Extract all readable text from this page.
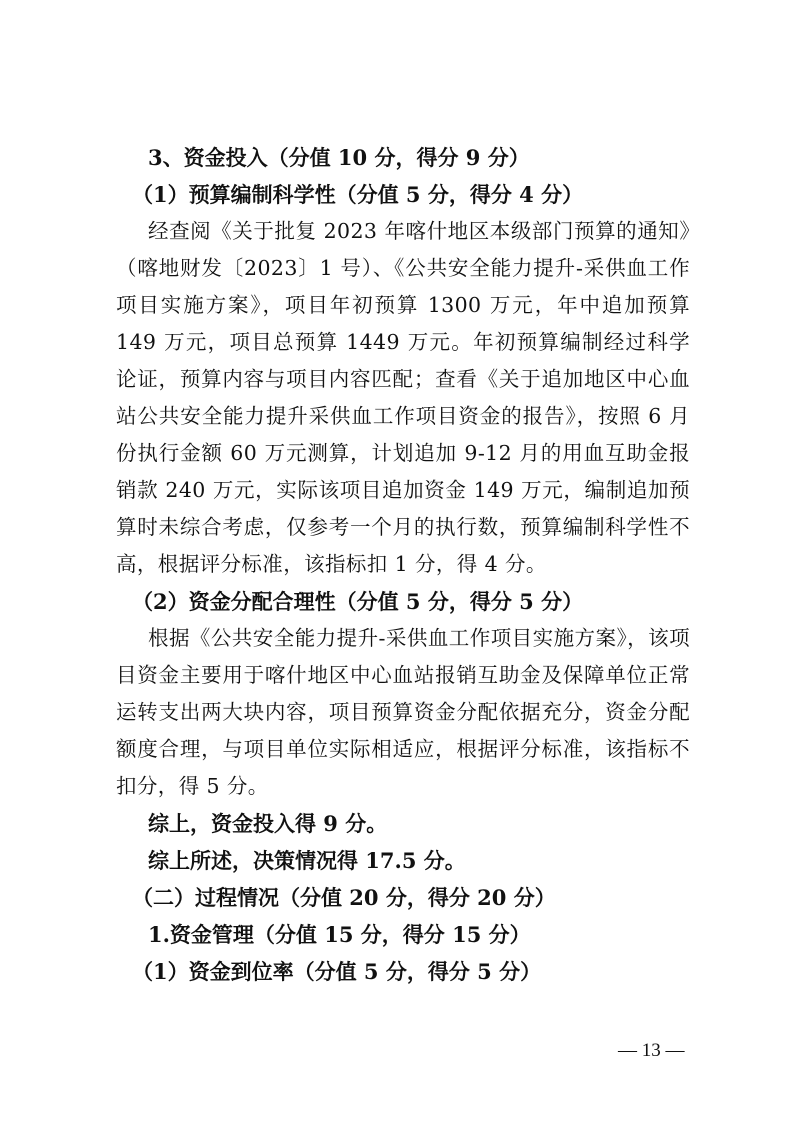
3、资金投入（分值 10 分，得分 9 分）
（1）预算编制科学性（分值 5 分，得分 4 分）
经查阅《关于批复 2023 年喀什地区本级部门预算的通知》（喀地财发〔2023〕1 号）、《公共安全能力提升-采供血工作项目实施方案》，项目年初预算 1300 万元，年中追加预算 149 万元，项目总预算 1449 万元。年初预算编制经过科学论证，预算内容与项目内容匹配；查看《关于追加地区中心血站公共安全能力提升采供血工作项目资金的报告》，按照 6 月份执行金额 60 万元测算，计划追加 9-12 月的用血互助金报销款 240 万元，实际该项目追加资金 149 万元，编制追加预算时未综合考虑，仅参考一个月的执行数，预算编制科学性不高，根据评分标准，该指标扣 1 分，得 4 分。
（2）资金分配合理性（分值 5 分，得分 5 分）
根据《公共安全能力提升-采供血工作项目实施方案》，该项目资金主要用于喀什地区中心血站报销互助金及保障单位正常运转支出两大块内容，项目预算资金分配依据充分，资金分配额度合理，与项目单位实际相适应，根据评分标准，该指标不扣分，得 5 分。
综上，资金投入得 9 分。
综上所述，决策情况得 17.5 分。
（二）过程情况（分值 20 分，得分 20 分）
1.资金管理（分值 15 分，得分 15 分）
（1）资金到位率（分值 5 分，得分 5 分）
— 13 —
